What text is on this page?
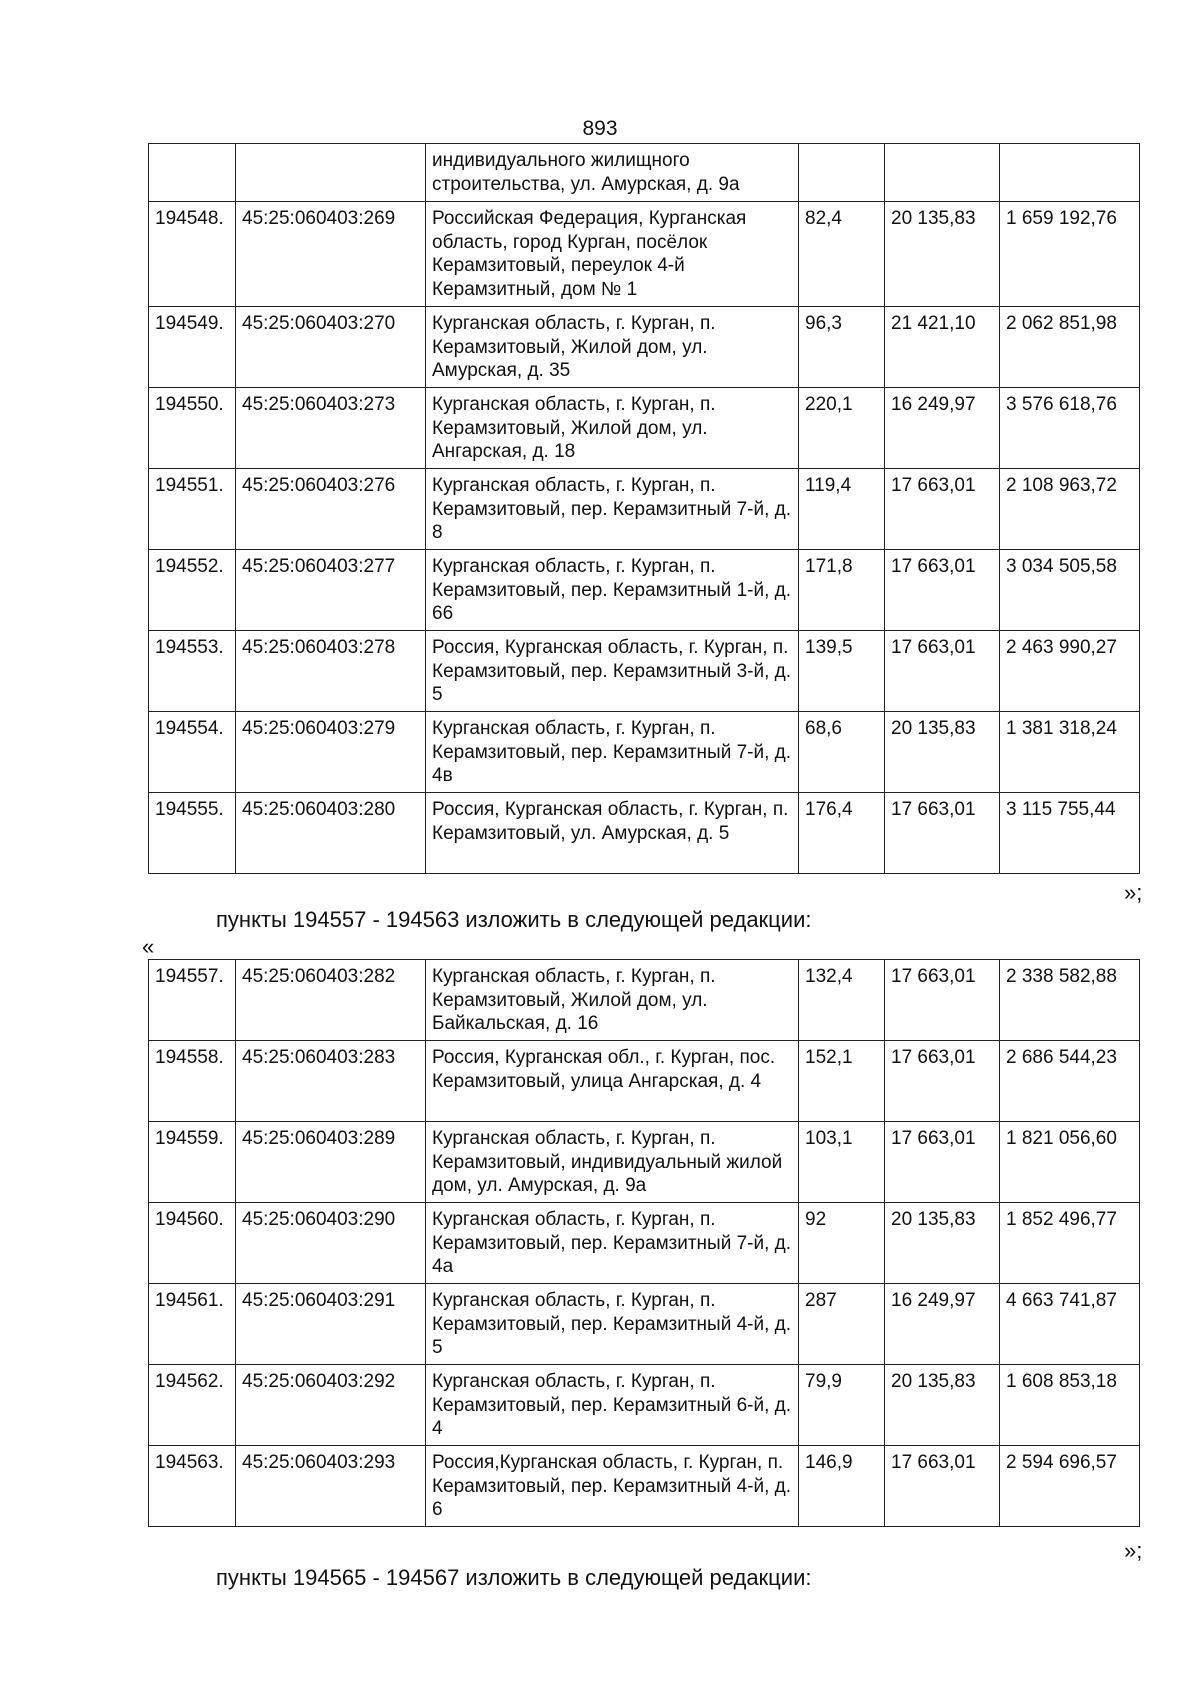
893
		индивидуального жилищного строительства, ул. Амурская, д. 9а			
194548.	45:25:060403:269	Российская Федерация, Курганская область, город Курган, посёлок Керамзитовый, переулок 4-й Керамзитный, дом № 1	82,4	20 135,83	1 659 192,76
194549.	45:25:060403:270	Курганская область, г. Курган, п. Керамзитовый, Жилой дом, ул. Амурская, д. 35	96,3	21 421,10	2 062 851,98
194550.	45:25:060403:273	Курганская область, г. Курган, п. Керамзитовый, Жилой дом, ул. Ангарская, д. 18	220,1	16 249,97	3 576 618,76
194551.	45:25:060403:276	Курганская область, г. Курган, п. Керамзитовый, пер. Керамзитный 7-й, д. 8	119,4	17 663,01	2 108 963,72
194552.	45:25:060403:277	Курганская область, г. Курган, п. Керамзитовый, пер. Керамзитный 1-й, д. 66	171,8	17 663,01	3 034 505,58
194553.	45:25:060403:278	Россия, Курганская область, г. Курган, п. Керамзитовый, пер. Керамзитный 3-й, д. 5	139,5	17 663,01	2 463 990,27
194554.	45:25:060403:279	Курганская область, г. Курган, п. Керамзитовый, пер. Керамзитный 7-й, д. 4в	68,6	20 135,83	1 381 318,24
194555.	45:25:060403:280	Россия, Курганская область, г. Курган, п. Керамзитовый, ул. Амурская, д. 5	176,4	17 663,01	3 115 755,44
»;
пункты 194557 - 194563 изложить в следующей редакции:
«
194557.	45:25:060403:282	Курганская область, г. Курган, п. Керамзитовый, Жилой дом, ул. Байкальская, д. 16	132,4	17 663,01	2 338 582,88
194558.	45:25:060403:283	Россия, Курганская обл., г. Курган, пос. Керамзитовый, улица Ангарская, д. 4	152,1	17 663,01	2 686 544,23
194559.	45:25:060403:289	Курганская область, г. Курган, п. Керамзитовый, индивидуальный жилой дом, ул. Амурская, д. 9а	103,1	17 663,01	1 821 056,60
194560.	45:25:060403:290	Курганская область, г. Курган, п. Керамзитовый, пер. Керамзитный 7-й, д. 4а	92	20 135,83	1 852 496,77
194561.	45:25:060403:291	Курганская область, г. Курган, п. Керамзитовый, пер. Керамзитный 4-й, д. 5	287	16 249,97	4 663 741,87
194562.	45:25:060403:292	Курганская область, г. Курган, п. Керамзитовый, пер. Керамзитный 6-й, д. 4	79,9	20 135,83	1 608 853,18
194563.	45:25:060403:293	Россия,Курганская область, г. Курган, п. Керамзитовый, пер. Керамзитный 4-й, д. 6	146,9	17 663,01	2 594 696,57
»;
пункты 194565 - 194567 изложить в следующей редакции:
